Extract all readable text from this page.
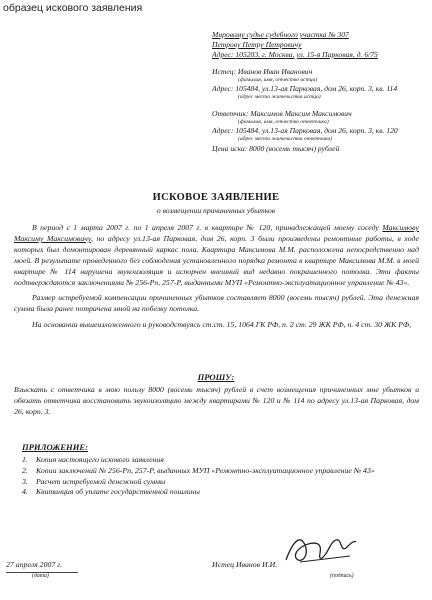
образец искового заявления
Мировому судье судебного участка № 307
Петрову Петру Петровичу
Адрес: 105203, г. Москва, ул. 15-я Парковая, д. 6/75
Истец: Иванов Иван Иванович
(фамилия, имя, отчество истца)
Адрес: 105484, ул.13-ая Парковая, дом 26, корп. 3, кв. 114
(адрес места жительства истца)
Ответчик: Максимов Максим Максимович
(фамилия, имя, отчество ответчика)
Адрес: 105484, ул.13-ая Парковая, дом 26, корп. 3, кв. 120
(адрес места жительства ответчика)
Цена иска: 8000 (восемь тысяч) рублей
ИСКОВОЕ ЗАЯВЛЕНИЕ
о возмещении причиненных убытков

В период с 1 марта 2007 г. по 1 апреля 2007 г. в квартире № 120, принадлежащей моему соседу Максимову Максиму Максимовичу, по адресу ул.13-ая Парковая, дом 26, корп. 3 были произведены ремонтные работы, в ходе которых был демонтирован деревянный каркас пола. Квартира Максимова М.М. расположена непосредственно над моей. В результате проведенного без соблюдения установленного порядка ремонта в квартире Максимова М.М. в моей квартире № 114 нарушена звукоизоляция и испорчен внешний вид недавно покрашенного потолка. Эти факты подтверждаются заключениями № 256-Рп, 257-Р, выданными МУП «Ремонтно-эксплуатационное управление № 43».

Размер истребуемой компенсации причиненных убытков составляет 8000 (восемь тысяч) рублей. Эта денежная сумма была ранее потрачена мной на побелку потолка.

На основании вышеизложенного и руководствуясь ст.ст. 15, 1064 ГК РФ, п. 2 ст. 29 ЖК РФ, п. 4 ст. 30 ЖК РФ,

ПРОШУ:

Взыскать с ответчика в мою пользу 8000 (восемь тысяч) рублей в счет возмещения причиненных мне убытков и обязать ответчика восстановить звукоизоляцию между квартирами № 120 и № 114 по адресу ул.13-ая Парковая, дом 26, корп. 3.

ПРИЛОЖЕНИЕ:
1.	Копия настоящего искового заявления
2.	Копии заключений № 256-Рп, 257-Р, выданных МУП «Ремонтно-эксплуатационное управление № 43»
3.	Расчет истребуемой денежной суммы
4.	Квитанция об уплате государственной пошлины
27 апреля 2007 г.
(дата)
Истец Иванов И.И.
(подпись)
